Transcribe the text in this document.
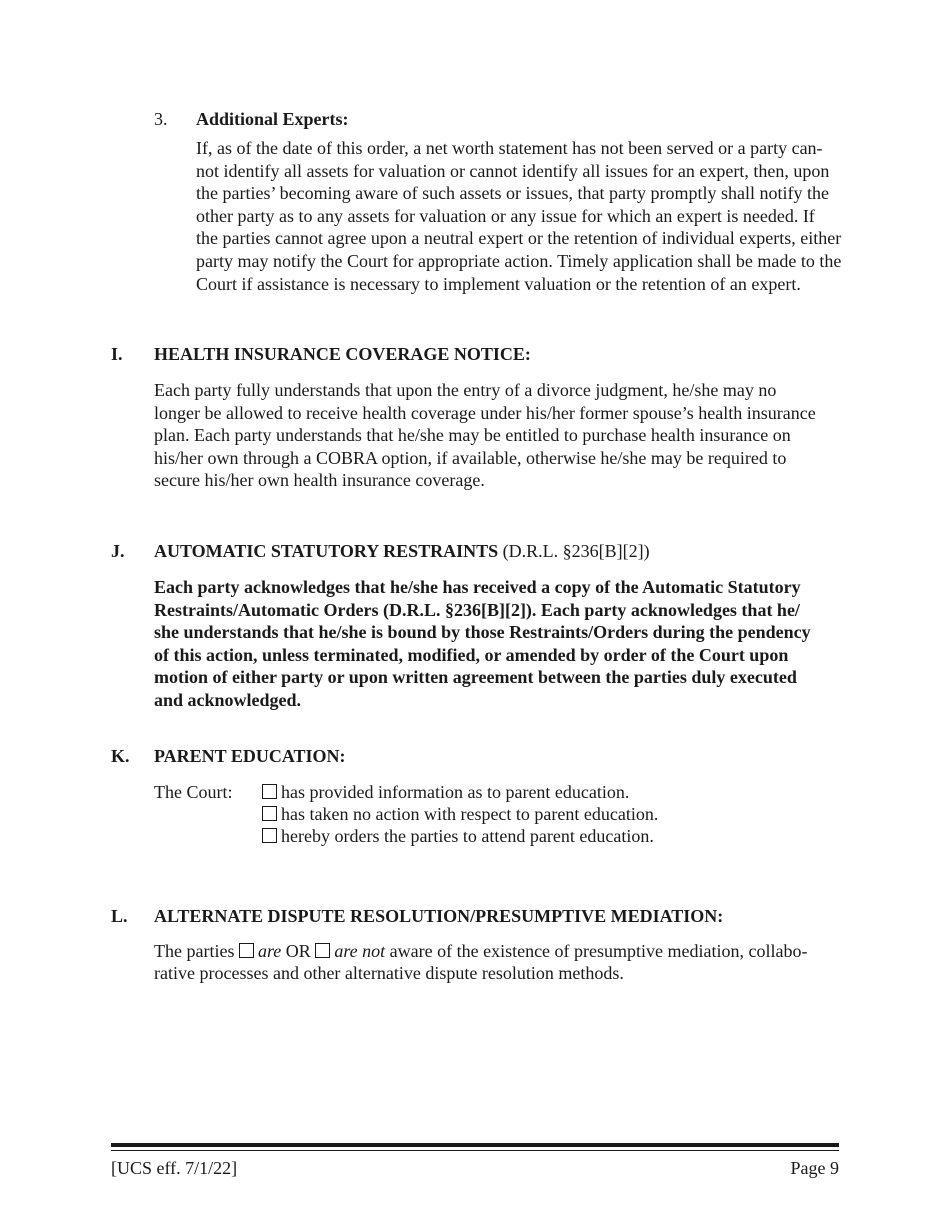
3. Additional Experts:
If, as of the date of this order, a net worth statement has not been served or a party can-
not identify all assets for valuation or cannot identify all issues for an expert, then, upon
the parties’ becoming aware of such assets or issues, that party promptly shall notify the
other party as to any assets for valuation or any issue for which an expert is needed. If
the parties cannot agree upon a neutral expert or the retention of individual experts, either
party may notify the Court for appropriate action. Timely application shall be made to the
Court if assistance is necessary to implement valuation or the retention of an expert.
I. HEALTH INSURANCE COVERAGE NOTICE:
Each party fully understands that upon the entry of a divorce judgment, he/she may no
longer be allowed to receive health coverage under his/her former spouse’s health insurance
plan. Each party understands that he/she may be entitled to purchase health insurance on
his/her own through a COBRA option, if available, otherwise he/she may be required to
secure his/her own health insurance coverage.
J. AUTOMATIC STATUTORY RESTRAINTS (D.R.L. §236[B][2])
Each party acknowledges that he/she has received a copy of the Automatic Statutory
Restraints/Automatic Orders (D.R.L. §236[B][2]). Each party acknowledges that he/
she understands that he/she is bound by those Restraints/Orders during the pendency
of this action, unless terminated, modified, or amended by order of the Court upon
motion of either party or upon written agreement between the parties duly executed
and acknowledged.
K. PARENT EDUCATION:
The Court:	has provided information as to parent education.
has taken no action with respect to parent education.
hereby orders the parties to attend parent education.
L. ALTERNATE DISPUTE RESOLUTION/PRESUMPTIVE MEDIATION:
The parties are OR are not aware of the existence of presumptive mediation, collabo-
rative processes and other alternative dispute resolution methods.
[UCS eff. 7/1/22]	Page 9
